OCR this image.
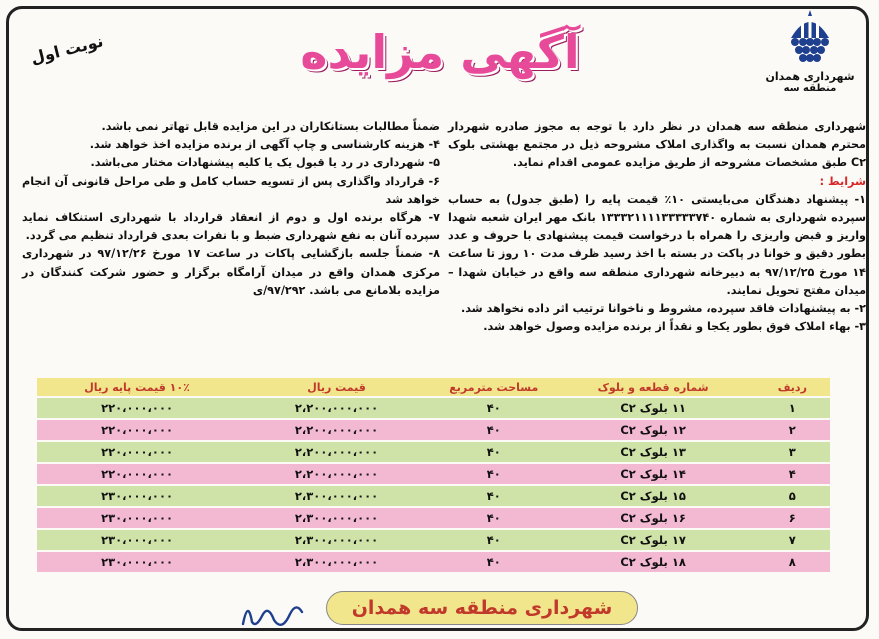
شهرداری همدان
منطقه سه
آگهی مزایده
نوبت اول

شهرداری منطقه سه همدان در نظر دارد با توجه به مجوز صادره شهردار محترم همدان نسبت به واگذاری املاک مشروحه ذیل در مجتمع بهشتی بلوک C۲ طبق مشخصات مشروحه از طریق مزایده عمومی اقدام نماید.

شرایط :

۱- پیشنهاد دهندگان می‌بایستی ۱۰٪ قیمت پایه را (طبق جدول) به حساب سپرده شهرداری به شماره ۱۳۳۳۲۱۱۱۱۳۳۳۳۳۷۴۰ بانک مهر ایران شعبه شهدا واریز و قبض واریزی را همراه با درخواست قیمت پیشنهادی با حروف و عدد بطور دقیق و خوانا در پاکت در بسته با اخذ رسید ظرف مدت ۱۰ روز تا ساعت ۱۴ مورخ ۹۷/۱۲/۲۵ به دبیرخانه شهرداری منطقه سه واقع در خیابان شهدا – میدان مفتح تحویل نمایند.

۲- به پیشنهادات فاقد سپرده، مشروط و ناخوانا ترتیب اثر داده نخواهد شد.

۳- بهاء املاک فوق بطور یکجا و نقداً از برنده مزایده وصول خواهد شد.

ضمناً مطالبات بستانکاران در این مزایده قابل تهاتر نمی باشد.

۴- هزینه کارشناسی و چاپ آگهی از برنده مزایده اخذ خواهد شد.

۵- شهرداری در رد یا قبول یک یا کلیه پیشنهادات مختار می‌باشد.

۶- قرارداد واگذاری پس از تسویه حساب کامل و طی مراحل قانونی آن انجام خواهد شد

۷- هرگاه برنده اول و دوم از انعقاد قرارداد با شهرداری استنکاف نماید سپرده آنان به نفع شهرداری ضبط و با نفرات بعدی قرارداد تنظیم می گردد.

۸- ضمناً جلسه بازگشایی پاکات در ساعت ۱۷ مورخ ۹۷/۱۲/۲۶ در شهرداری مرکزی همدان واقع در میدان آرامگاه برگزار و حضور شرکت کنندگان در مزایده بلامانع می باشد. ۹۷/۲۹۲/ی

ردیف	شماره قطعه و بلوک	مساحت مترمربع	قیمت ریال	۱۰٪ قیمت پایه ریال
۱	۱۱ بلوک C۲	۴۰	۲،۲۰۰،۰۰۰،۰۰۰	۲۲۰،۰۰۰،۰۰۰
۲	۱۲ بلوک C۲	۴۰	۲،۲۰۰،۰۰۰،۰۰۰	۲۲۰،۰۰۰،۰۰۰
۳	۱۳ بلوک C۲	۴۰	۲،۲۰۰،۰۰۰،۰۰۰	۲۲۰،۰۰۰،۰۰۰
۴	۱۴ بلوک C۲	۴۰	۲،۲۰۰،۰۰۰،۰۰۰	۲۲۰،۰۰۰،۰۰۰
۵	۱۵ بلوک C۲	۴۰	۲،۳۰۰،۰۰۰،۰۰۰	۲۳۰،۰۰۰،۰۰۰
۶	۱۶ بلوک C۲	۴۰	۲،۳۰۰،۰۰۰،۰۰۰	۲۳۰،۰۰۰،۰۰۰
۷	۱۷ بلوک C۲	۴۰	۲،۳۰۰،۰۰۰،۰۰۰	۲۳۰،۰۰۰،۰۰۰
۸	۱۸ بلوک C۲	۴۰	۲،۳۰۰،۰۰۰،۰۰۰	۲۳۰،۰۰۰،۰۰۰
شهرداری منطقه سه همدان
